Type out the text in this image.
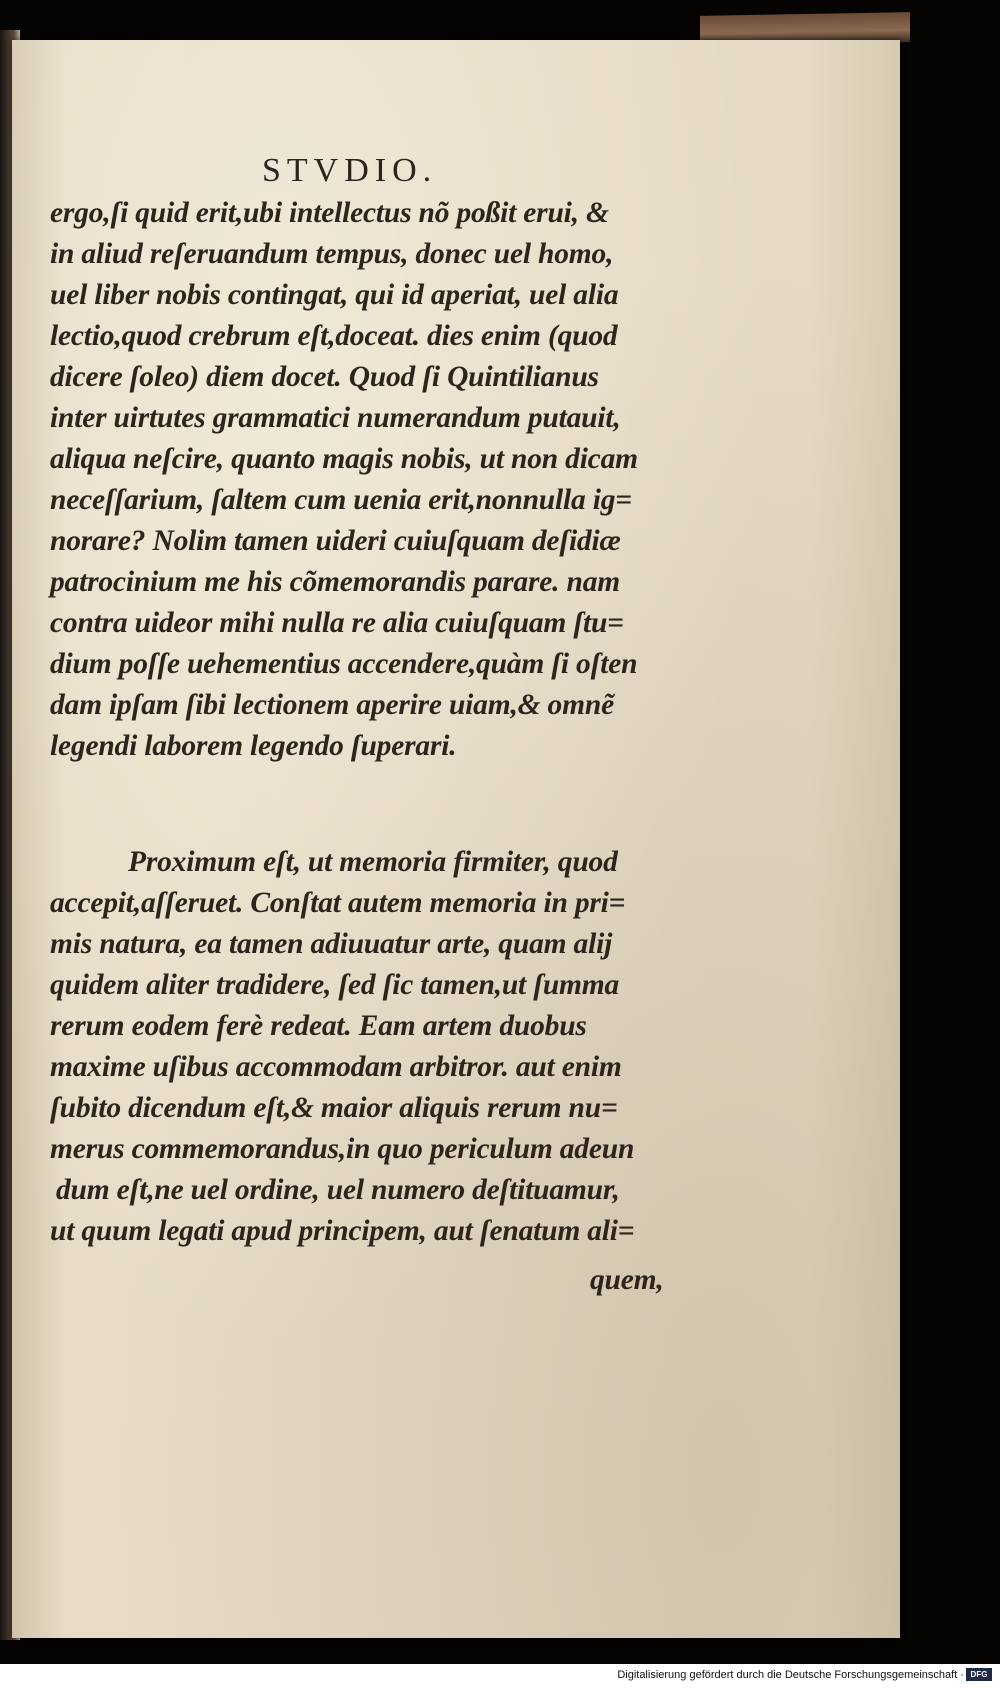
STVDIO.
ergo,ſi quid erit,ubi intellectus nõ poßit erui, &
in aliud reſeruandum tempus, donec uel homo,
uel liber nobis contingat, qui id aperiat, uel alia
lectio,quod crebrum eſt,doceat. dies enim (quod
dicere ſoleo) diem docet. Quod ſi Quintilianus
inter uirtutes grammatici numerandum putauit,
aliqua neſcire, quanto magis nobis, ut non dicam
neceſſarium, ſaltem cum uenia erit,nonnulla ig=
norare? Nolim tamen uideri cuiuſquam deſidiæ
patrocinium me his cõmemorandis parare. nam
contra uideor mihi nulla re alia cuiuſquam ſtu=
dium poſſe uehementius accendere,quàm ſi oſten
dam ipſam ſibi lectionem aperire uiam,& omnẽ
legendi laborem legendo ſuperari.
Proximum eſt, ut memoria firmiter, quod
accepit,aſſeruet. Conſtat autem memoria in pri=
mis natura, ea tamen adiuuatur arte, quam alij
quidem aliter tradidere, ſed ſic tamen,ut ſumma
rerum eodem ferè redeat. Eam artem duobus
maxime uſibus accommodam arbitror. aut enim
ſubito dicendum eſt,& maior aliquis rerum nu=
merus commemorandus,in quo periculum adeun
dum eſt,ne uel ordine, uel numero deſtituamur,
ut quum legati apud principem, aut ſenatum ali=
quem,
Digitalisierung gefördert durch die Deutsche Forschungsgemeinschaft · DFG
